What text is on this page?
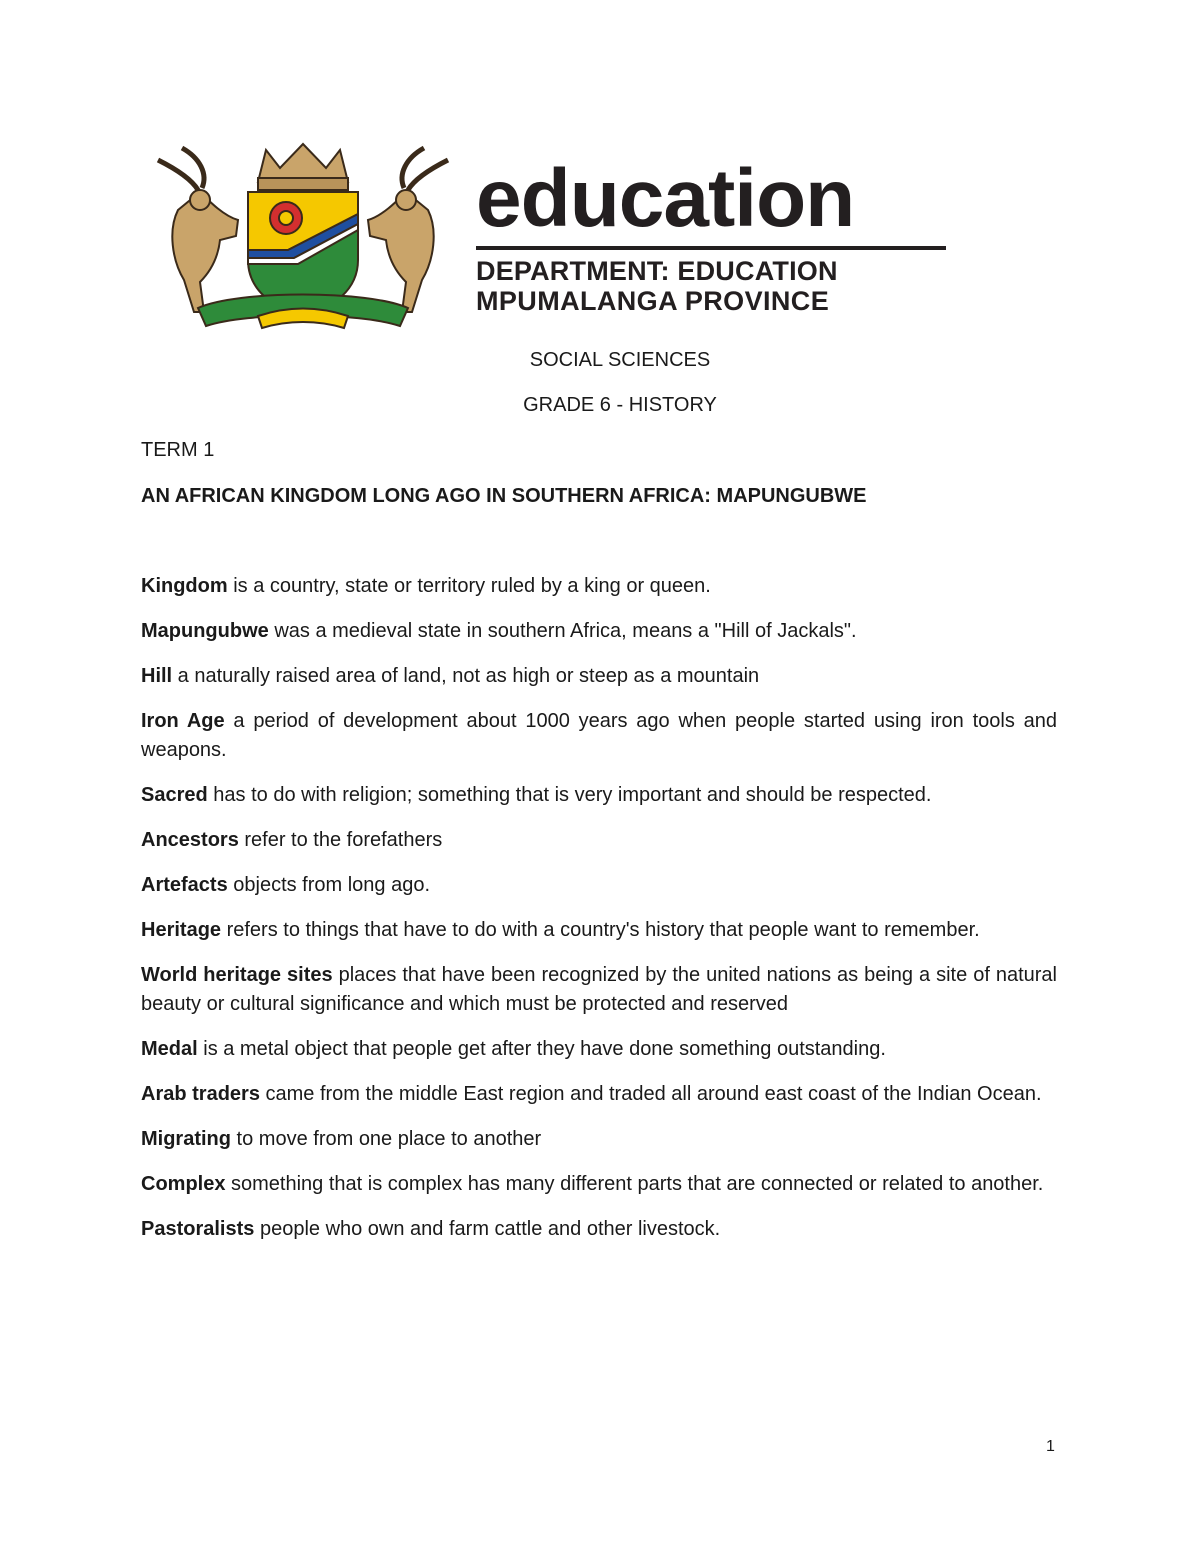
education
DEPARTMENT: EDUCATION
MPUMALANGA PROVINCE
SOCIAL SCIENCES
GRADE 6 - HISTORY
TERM 1
AN AFRICAN KINGDOM LONG AGO IN SOUTHERN AFRICA: MAPUNGUBWE

Kingdom is a country, state or territory ruled by a king or queen.

Mapungubwe was a medieval state in southern Africa, means a "Hill of Jackals".

Hill a naturally raised area of land, not as high or steep as a mountain

Iron Age a period of development about 1000 years ago when people started using iron tools and weapons.

Sacred has to do with religion; something that is very important and should be respected.

Ancestors refer to the forefathers

Artefacts objects from long ago.

Heritage refers to things that have to do with a country's history that people want to remember.

World heritage sites places that have been recognized by the united nations as being a site of natural beauty or cultural significance and which must be protected and reserved

Medal is a metal object that people get after they have done something outstanding.

Arab traders came from the middle East region and traded all around east coast of the Indian Ocean.

Migrating to move from one place to another

Complex something that is complex has many different parts that are connected or related to another.

Pastoralists people who own and farm cattle and other livestock.

1
